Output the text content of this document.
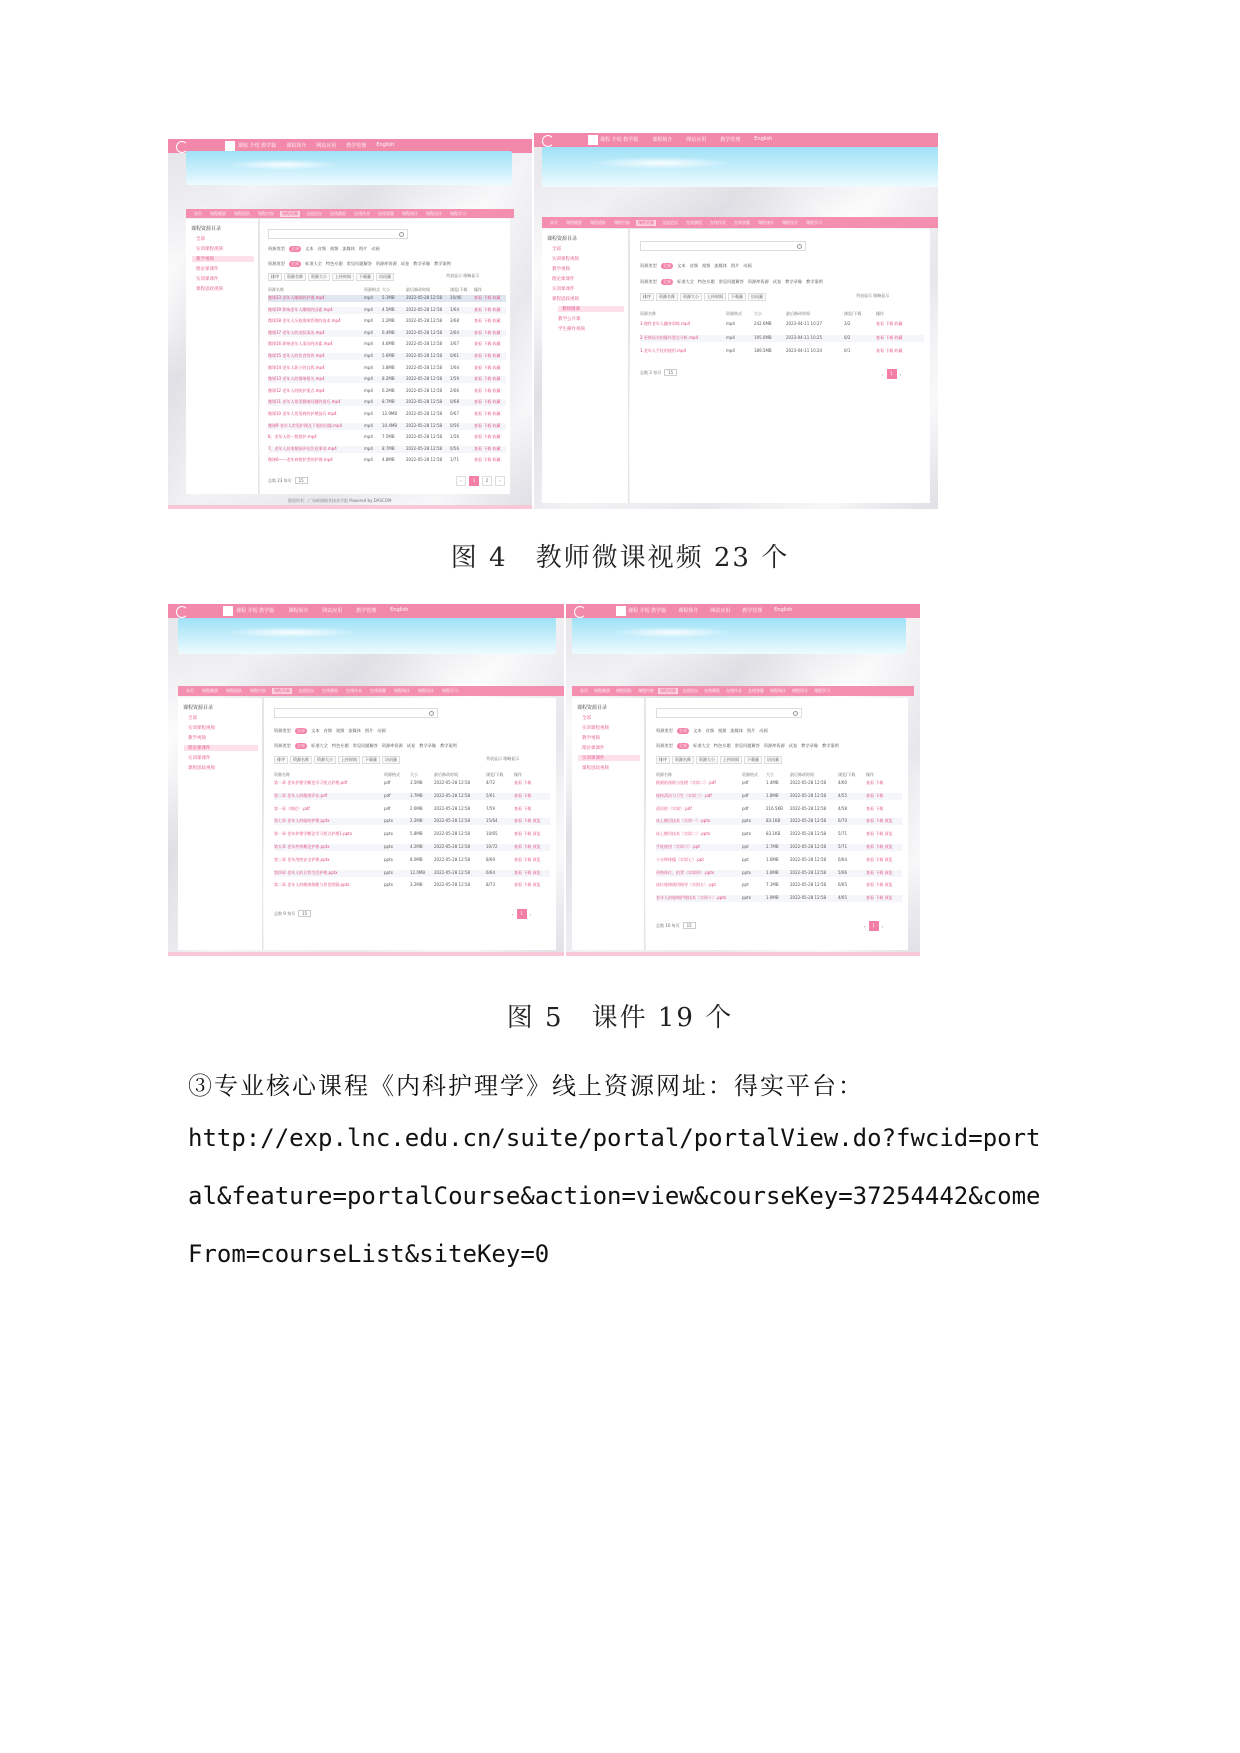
课程 介绍 教学篇 课程简介 网站应用 教学管理 English
首页	课程概要	课程团队	课程内容	课程资源	交流论坛	在线测验	在线作业	在线答疑	课程统计	课程设计	课程学习
课程资源目录
全部
实训课程视频
教学视频
理论课课件
实训课课件
课程思政视频
资源类型	全部	文本 音频 视频 流媒体 图片 动画
资源类型	全部	标准大全 特色专题 常见问题解答 资源库资源 试卷 教学录像 教学案例
排序	资源名称	资源大小	上传时间	下载量	访问量	列表显示 缩略显示
资源名称	资源格式 大小	最后修改时间	浏览/下载 操作
微课23 老年人睡眠的护理.mp4	mp4 5.1MB	2022-05-28 12:58 10/46	查看 下载 收藏
微课19 影响老年人睡眠的因素.mp4	mp4 4.5MB	2022-05-28 12:58 1/64	查看 下载 收藏
微课18 老年人压疮溃疡管理的技术.mp4	mp4 2.2MB	2022-05-28 12:58 3/68	查看 下载 收藏
微课17 老年人的皮肤清洁.mp4	mp4 6.4MB	2022-05-28 12:58 2/64	查看 下载 收藏
微课16 影响老年人清洁的因素.mp4	mp4 4.6MB	2022-05-28 12:58 3/67	查看 下载 收藏
微课15 老年人的饮食营养.mp4	mp4 5.6MB	2022-05-28 12:58 0/61	查看 下载 收藏
微课14 老年人影子的自我.mp4	mp4 3.8MB	2022-05-28 12:58 1/64	查看 下载 收藏
微课13 老年人的情绪相关.mp4	mp4 8.2MB	2022-05-28 12:58 1/59	查看 下载 收藏
微课12 老年人的防护重点.mp4	mp4 6.2MB	2022-05-28 12:58 2/66	查看 下载 收藏
微课11 老年人常见健康问题的技巧.mp4	mp4 8.7MB	2022-05-28 12:58 0/68	查看 下载 收藏
微课10 老年人常见病的护理技巧.mp4	mp4 12.9MB 2022-05-28 12:58 0/67	查看 下载 收藏
微课9 老年人常见护理及下肢的问题.mp4	mp4 10.4MB 2022-05-28 12:58 0/56	查看 下载 收藏
8、老年人的一般照护.mp4	mp4 7.5MB	2022-05-28 12:58 1/56	查看 下载 收藏
7、老年人居家照顾评估注意事项.mp4	mp4 8.7MB	2022-05-28 12:58 0/56	查看 下载 收藏
微课6——老年病照护者的护理.mp4	mp4 4.8MB	2022-05-28 12:58 1/71	查看 下载 收藏
总数 23 每页	15	‹	1	2	›
版权所有：广东岭南职业技术学院 Powered by DASCOM
课程 介绍 教学篇	课程简介	网站应用	教学管理	English
首页	课程概要	课程团队	课程内容	课程资源	交流论坛	在线测验	在线作业	在线答疑	课程统计	课程设计	课程学习
课程资源目录
全部
实训课程视频
教学视频
理论课课件
实训课课件
课程思政视频
教师微课
教学公开课
学生操作视频
资源类型	全部	文本 音频 视频 流媒体 图片 动画
资源类型	全部	标准大全 特色专题 常见问题解答 资源库资源 试卷 教学录像 教学案例
排序	资源名称	资源大小	上传时间	下载量	访问量	列表显示 缩略显示
资源名称	资源格式	大小	最后修改时间	浏览/下载	操作
3.慢性老年人翻身训练.mp4	mp4	242.6MB	2023-04-11 10:27	3/2	查看 下载 收藏
2.更换尿布的操作要点分析.mp4	mp4	195.0MB	2023-04-11 10:25	0/2	查看 下载 收藏
1.老年人手杖的使用.mp4	mp4	189.5MB	2023-04-11 10:24	0/1	查看 下载 收藏
总数 3 每页	15	‹	1	›
图 4　教师微课视频 23 个
课程 介绍 教学篇	课程简介	网站应用	教学管理	English
首页	课程概要	课程团队	课程内容	课程资源	交流论坛	在线测验	在线作业	在线答疑	课程统计	课程设计	课程学习
课程资源目录
全部
实训课程视频
教学视频
理论课课件
实训课课件
课程思政视频
资源类型	全部	文本 音频 视频 流媒体 图片 动画
资源类型	全部	标准大全 特色专题 常见问题解答 资源库资源 试卷 教学录像 教学案例
排序	资源名称	资源大小	上传时间	下载量	访问量	列表显示 缩略显示
资源名称	资源格式	大小	最后修改时间	浏览/下载	操作
第一章 老年护理学概论学习要点护理.pdf	pdf	3.5MB	2022-05-28 12:58	4/72	查看 下载
第二章 老年人的健康评估.pdf	pdf	3.7MB	2022-05-28 12:58	5/61	查看 下载
第一章（绪论）.pdf	pdf	2.6MB	2022-05-28 12:58	7/59	查看 下载
第七章 老年人的临终护理.pptx	pptx	2.2MB	2022-05-28 12:58	15/64	查看 下载 预览
第一章 老年护理学概论学习要点护理1.pptx	pptx	5.8MB	2022-05-28 12:58	10/65	查看 下载 预览
第五章 老年疾病概论护理.pptx	pptx	4.2MB	2022-05-28 12:58	10/72	查看 下载 预览
第三章 老年用药安全护理.pptx	pptx	8.0MB	2022-05-28 12:58	8/69	查看 下载 预览
第四章 老年人的日常生活护理.pptx	pptx	12.0MB 2022-05-28 12:58	6/64	查看 下载 预览
第二章 老年人的健康保健与养老照顾.pptx	pptx	3.2MB	2022-05-28 12:58	8/73	查看 下载 预览
总数 9 每页	15	‹	1	›
课程 介绍 教学篇 课程简介 网站应用 教学管理 English
首页	课程概要	课程团队	课程内容	课程资源	交流论坛	在线测验	在线作业	在线答疑	课程统计	课程设计	课程学习
课程资源目录
全部
实训课程视频
教学视频
理论课课件
实训课课件
课程思政视频
资源类型	全部	文本 音频 视频 流媒体 图片 动画
资源类型	全部	标准大全 特色专题 常见问题解答 资源库资源 试卷 教学录像 教学案例
排序	资源名称	资源大小	上传时间	下载量	访问量
资源名称	资源格式 大小	最后修改时间	浏览/下载	操作
跌倒的预防与处理（实训二）.pdf	pdf	1.4MB	2022-05-28 12:58	4/60	查看 下载
保持清洁与卫生（实训三）.pdf	pdf	1.8MB	2022-05-28 12:58	4/55	查看 下载
清洁的（实训）.pdf	pdf	216.5KB 2022-05-28 12:58	4/58	查看 下载
床上擦浴技术（实训一）.pptx	pptx	83.1KB 2022-05-28 12:58	6/70	查看 下载 预览
床上擦浴技术（实训二）.pptx	pptx	83.1KB 2022-05-28 12:58	5/71	查看 下载 预览
手杖使用（实训六）.ppt	ppt	2.7MB	2022-05-28 12:58	5/71	查看 下载 预览
十分钟体操（实训七）.ppt	ppt	1.6MB	2022-05-28 12:58	6/64	查看 下载 预览
更换体位、拍背（实训四）.pptx	pptx	1.6MB	2022-05-28 12:58	5/66	查看 下载 预览
床位轮椅使用指导（实训五）.ppt	ppt	7.1MB	2022-05-28 12:58	6/65	查看 下载 预览
老年人的轮椅护理技术（实训十）.pptx	pptx	1.9MB	2022-05-28 12:58	4/65	查看 下载 预览
总数 10 每页	15	‹	1	›
图 5　课件 19 个
③专业核心课程《内科护理学》线上资源网址：得实平台：
http://exp.lnc.edu.cn/suite/portal/portalView.do?fwcid=port
al&feature=portalCourse&action=view&courseKey=37254442&come
From=courseList&siteKey=0
